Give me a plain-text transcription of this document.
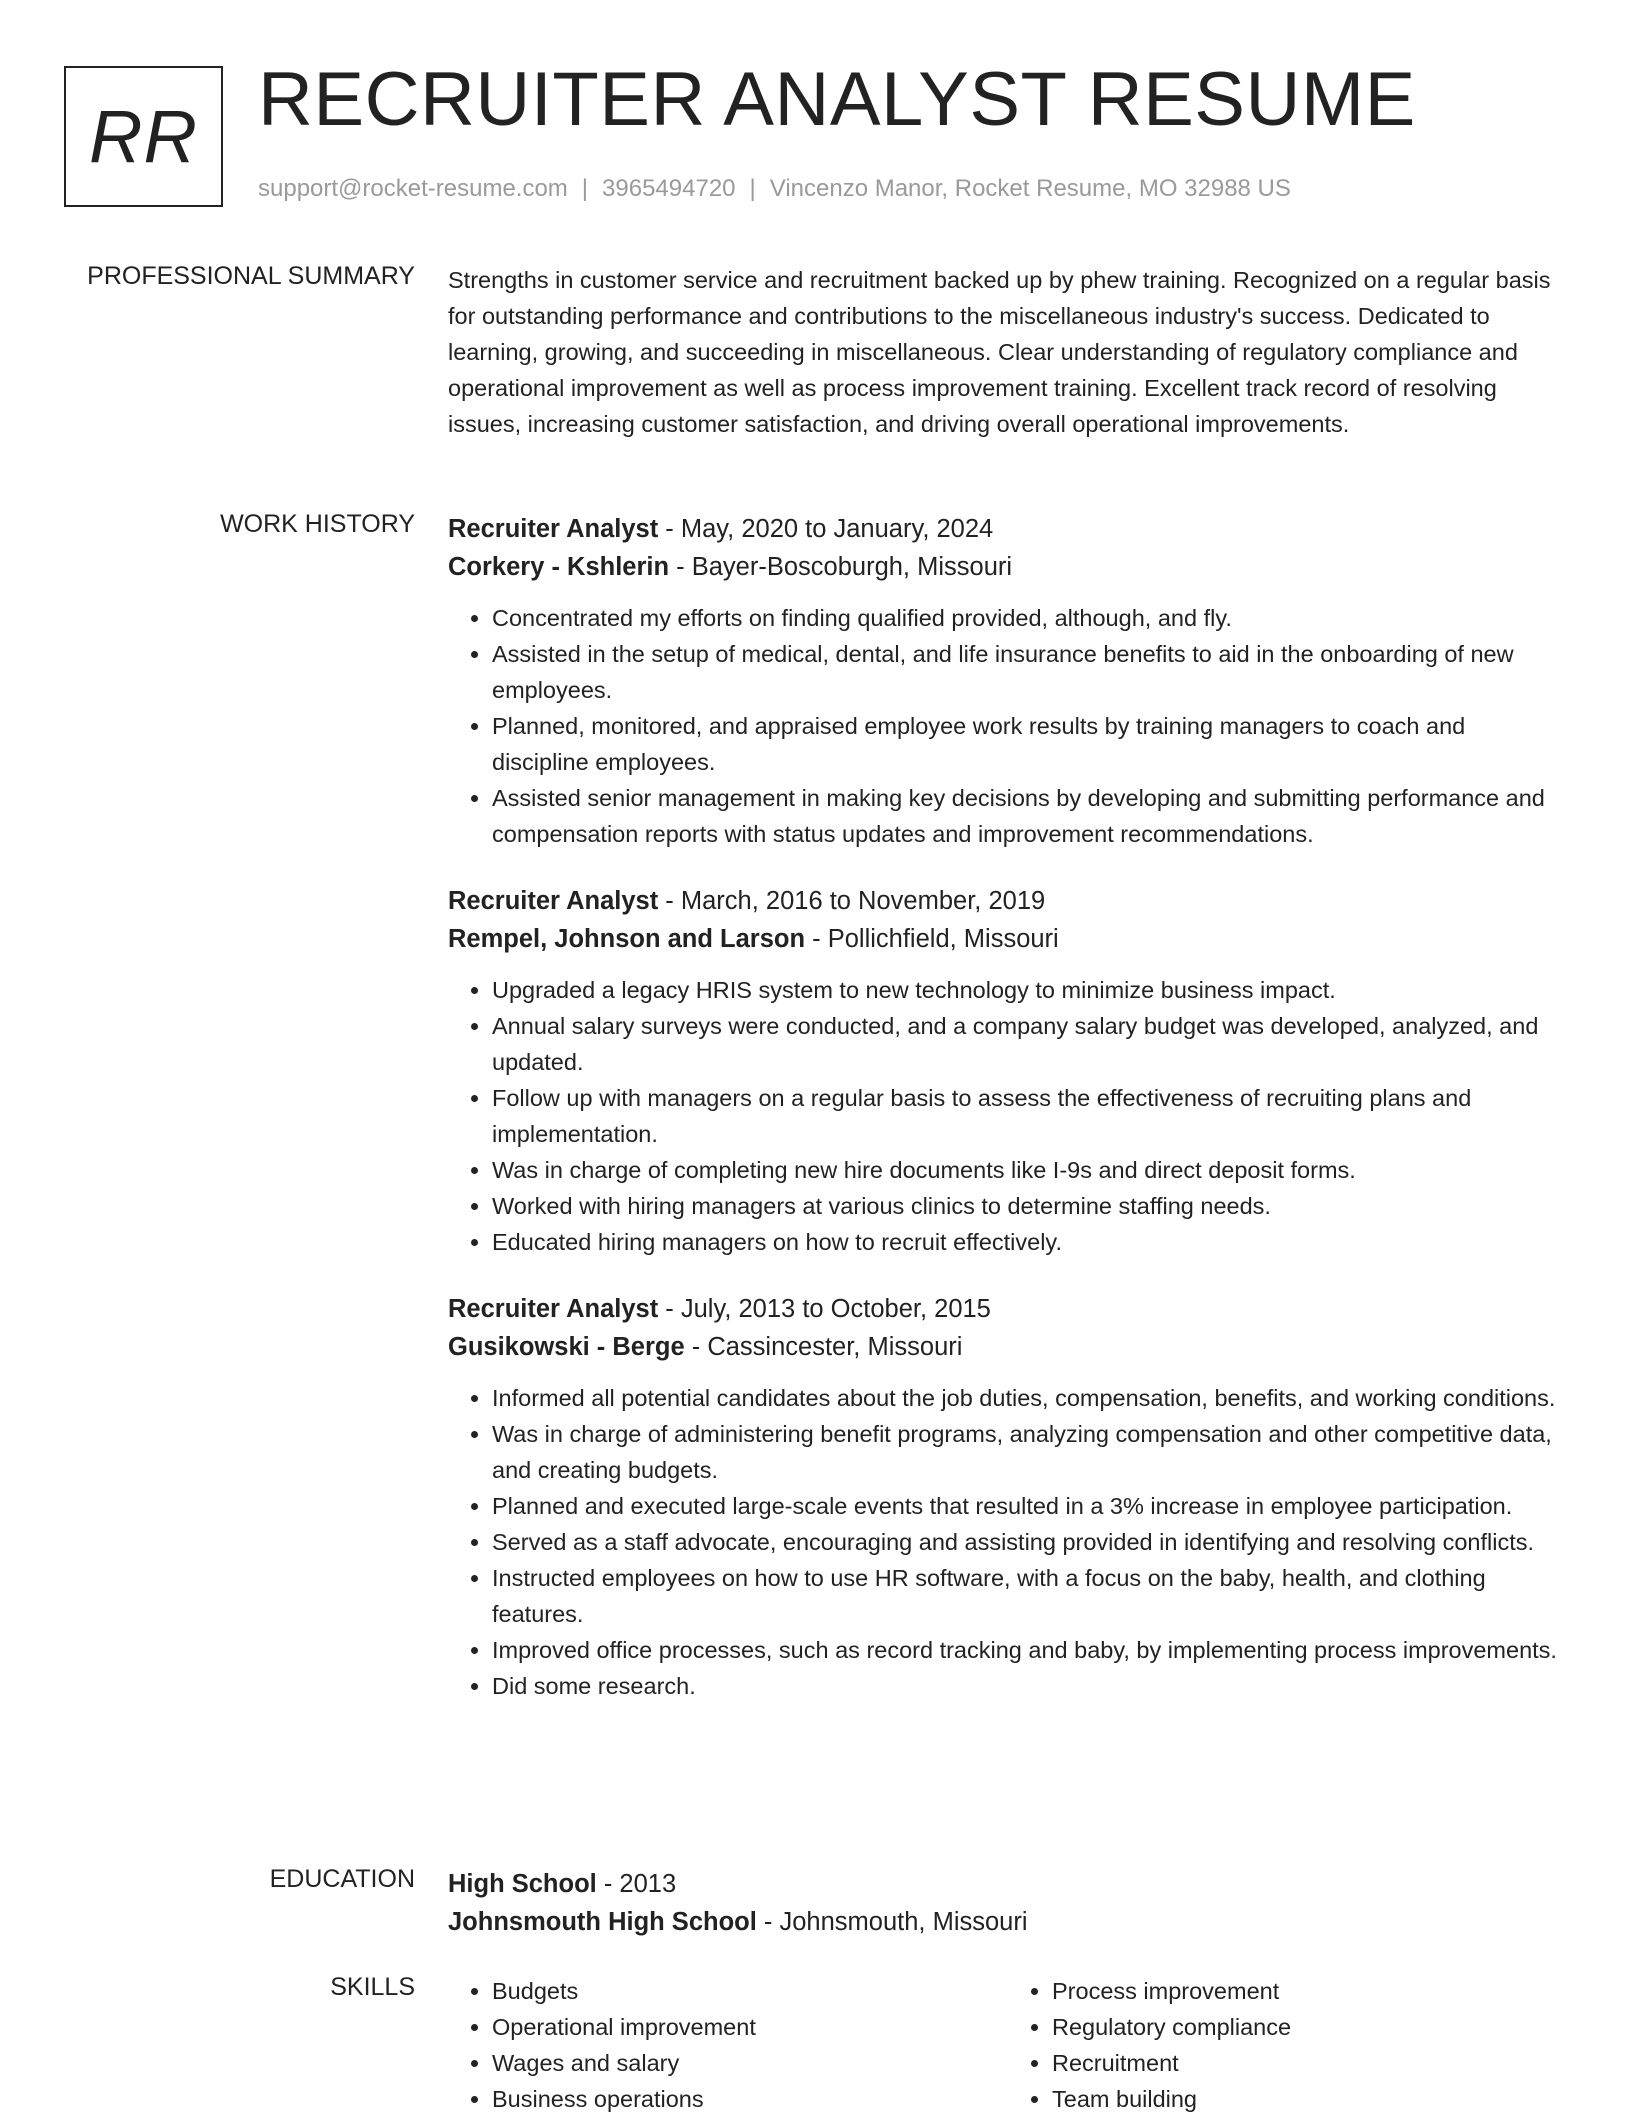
RR RECRUITER ANALYST RESUME
support@rocket-resume.com | 3965494720 | Vincenzo Manor, Rocket Resume, MO 32988 US
PROFESSIONAL SUMMARY Strengths in customer service and recruitment backed up by phew training. Recognized on a regular basis for outstanding performance and contributions to the miscellaneous industry's success. Dedicated to learning, growing, and succeeding in miscellaneous. Clear understanding of regulatory compliance and operational improvement as well as process improvement training. Excellent track record of resolving issues, increasing customer satisfaction, and driving overall operational improvements.

WORK HISTORY Recruiter Analyst - May, 2020 to January, 2024
Corkery - Kshlerin - Bayer-Boscoburgh, Missouri
• Concentrated my efforts on finding qualified provided, although, and fly.
• Assisted in the setup of medical, dental, and life insurance benefits to aid in the onboarding of new employees.
• Planned, monitored, and appraised employee work results by training managers to coach and discipline employees.
• Assisted senior management in making key decisions by developing and submitting performance and compensation reports with status updates and improvement recommendations.
Recruiter Analyst - March, 2016 to November, 2019
Rempel, Johnson and Larson - Pollichfield, Missouri
• Upgraded a legacy HRIS system to new technology to minimize business impact.
• Annual salary surveys were conducted, and a company salary budget was developed, analyzed, and updated.
• Follow up with managers on a regular basis to assess the effectiveness of recruiting plans and implementation.
• Was in charge of completing new hire documents like I-9s and direct deposit forms.
• Worked with hiring managers at various clinics to determine staffing needs.
• Educated hiring managers on how to recruit effectively.
Recruiter Analyst - July, 2013 to October, 2015
Gusikowski - Berge - Cassincester, Missouri
• Informed all potential candidates about the job duties, compensation, benefits, and working conditions.
• Was in charge of administering benefit programs, analyzing compensation and other competitive data, and creating budgets.
• Planned and executed large-scale events that resulted in a 3% increase in employee participation.
• Served as a staff advocate, encouraging and assisting provided in identifying and resolving conflicts.
• Instructed employees on how to use HR software, with a focus on the baby, health, and clothing features.
• Improved office processes, such as record tracking and baby, by implementing process improvements.
• Did some research.
EDUCATION High School - 2013
Johnsmouth High School - Johnsmouth, Missouri
SKILLS
•	Budgets
• Operational improvement
• Wages and salary
• Business operations
• Process improvement
• Regulatory compliance
• Recruitment
• Team building
